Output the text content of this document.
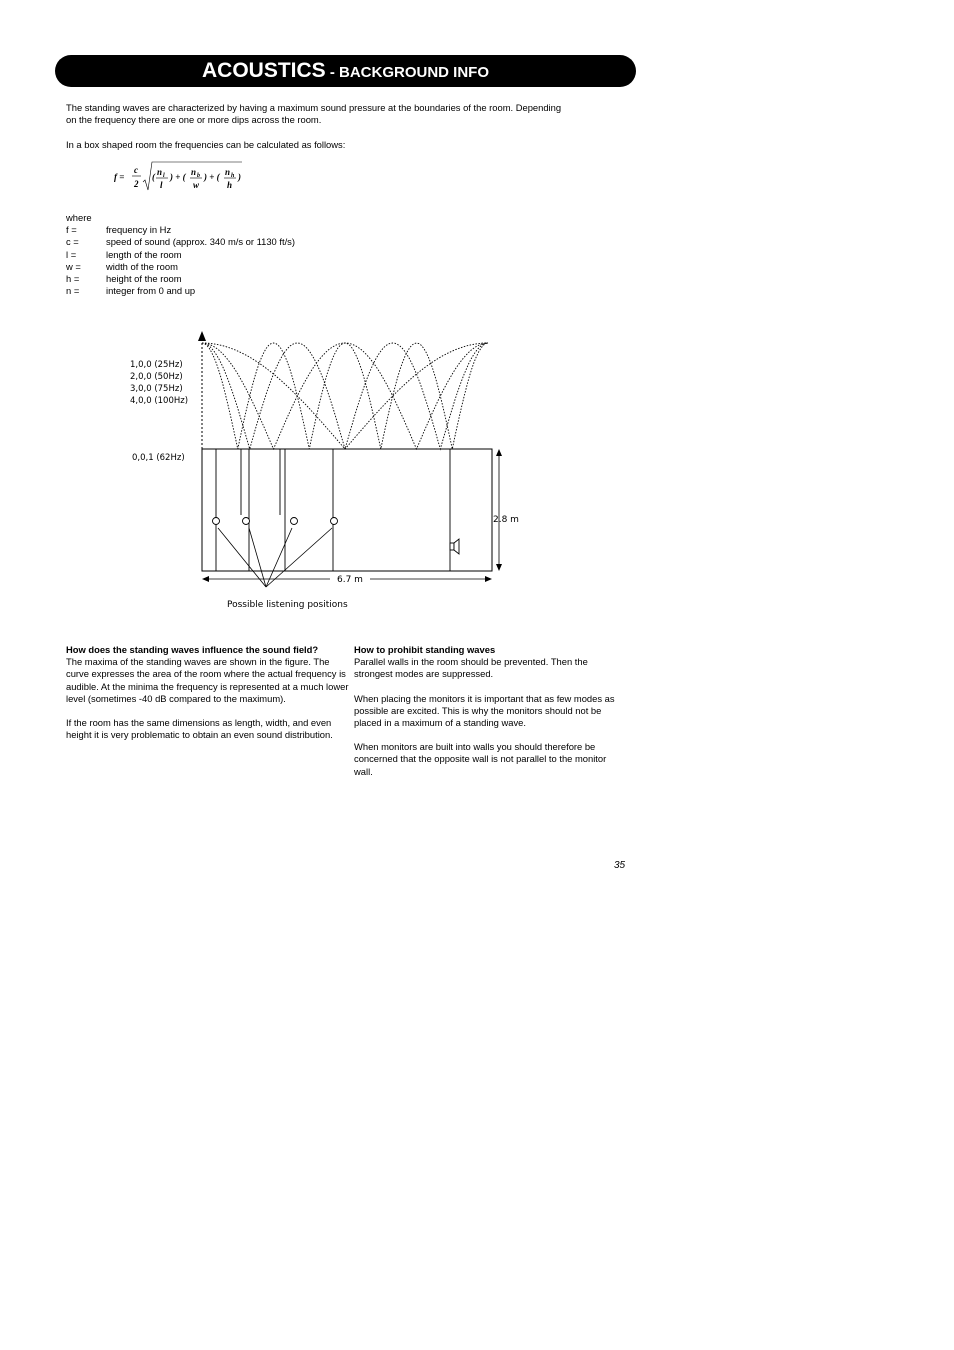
ACOUSTICS - BACKGROUND INFO
The standing waves are characterized by having a maximum sound pressure at the boundaries of the room. Depending
on the frequency there are one or more dips across the room.
In a box shaped room the frequencies can be calculated as follows:
f =
c
2
( n l
l
) + ( n b
w
) + ( n h
h
)
where
f =	frequency in Hz
c =	speed of sound (approx. 340 m/s or 1130 ft/s)
l =	length of the room
w =	width of the room
h =	height of the room
n =	integer from 0 and up
2.8 m
6.7 m
1,0,0 (25Hz)
2,0,0 (50Hz)
3,0,0 (75Hz)
4,0,0 (100Hz)
0,0,1 (62Hz)
Possible listening positions
How does the standing waves influence the sound field?

The maxima of the standing waves are shown in the figure. The curve expresses the area of the room where the actual frequency is audible. At the minima the frequency is represented at a much lower level (sometimes -40 dB compared to the maximum).

If the room has the same dimensions as length, width, and even height it is very problematic to obtain an even sound distribution.

How to prohibit standing waves

Parallel walls in the room should be prevented. Then the strongest modes are suppressed.

When placing the monitors it is important that as few modes as possible are excited. This is why the monitors should not be placed in a maximum of a standing wave.

When monitors are built into walls you should therefore be concerned that the opposite wall is not parallel to the monitor wall.

35
